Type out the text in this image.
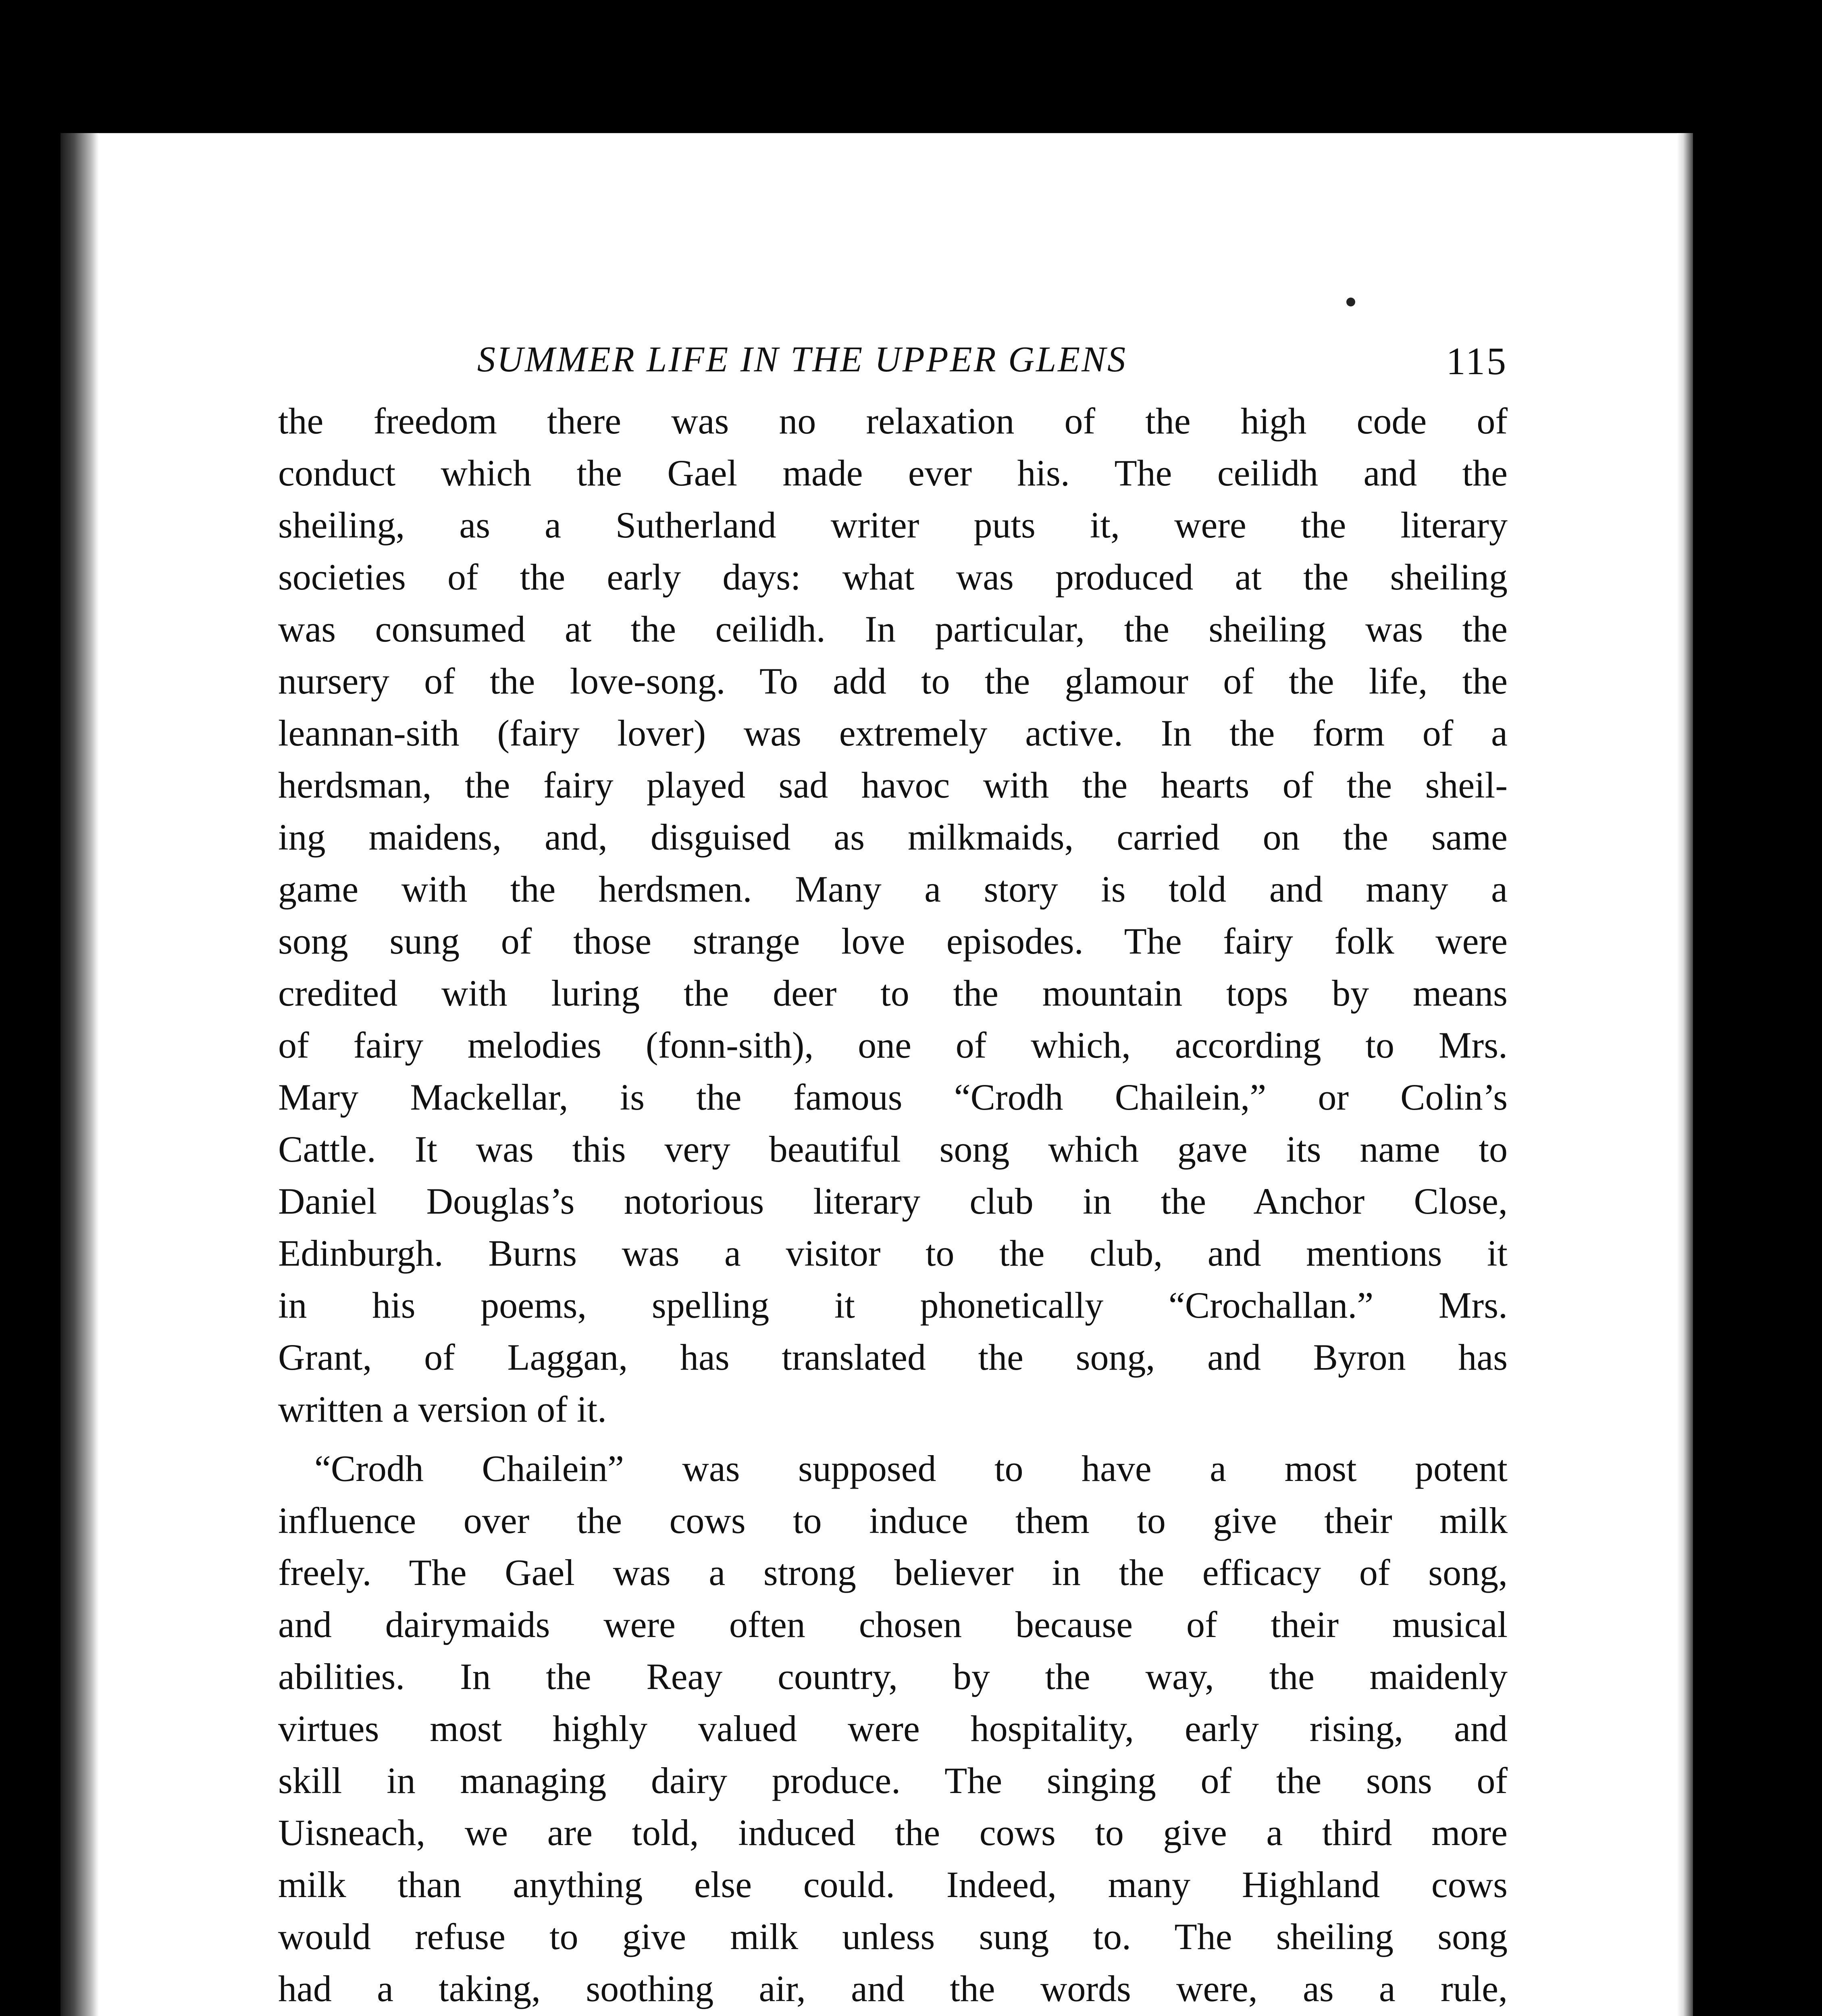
SUMMER LIFE IN THE UPPER GLENS	115
the freedom there was no relaxation of the high code of
conduct which the Gael made ever his. The ceilidh and the
sheiling, as a Sutherland writer puts it, were the literary
societies of the early days: what was produced at the sheiling
was consumed at the ceilidh. In particular, the sheiling was the
nursery of the love-song. To add to the glamour of the life, the
leannan-sith (fairy lover) was extremely active. In the form of a
herdsman, the fairy played sad havoc with the hearts of the sheil-
ing maidens, and, disguised as milkmaids, carried on the same
game with the herdsmen. Many a story is told and many a
song sung of those strange love episodes. The fairy folk were
credited with luring the deer to the mountain tops by means
of fairy melodies (fonn-sith), one of which, according to Mrs.
Mary Mackellar, is the famous “Crodh Chailein,” or Colin’s
Cattle. It was this very beautiful song which gave its name to
Daniel Douglas’s notorious literary club in the Anchor Close,
Edinburgh. Burns was a visitor to the club, and mentions it
in his poems, spelling it phonetically “Crochallan.” Mrs.
Grant, of Laggan, has translated the song, and Byron has
written a version of it.
“Crodh Chailein” was supposed to have a most potent
influence over the cows to induce them to give their milk
freely. The Gael was a strong believer in the efficacy of song,
and dairymaids were often chosen because of their musical
abilities. In the Reay country, by the way, the maidenly
virtues most highly valued were hospitality, early rising, and
skill in managing dairy produce. The singing of the sons of
Uisneach, we are told, induced the cows to give a third more
milk than anything else could. Indeed, many Highland cows
would refuse to give milk unless sung to. The sheiling song
had a taking, soothing air, and the words were, as a rule,
